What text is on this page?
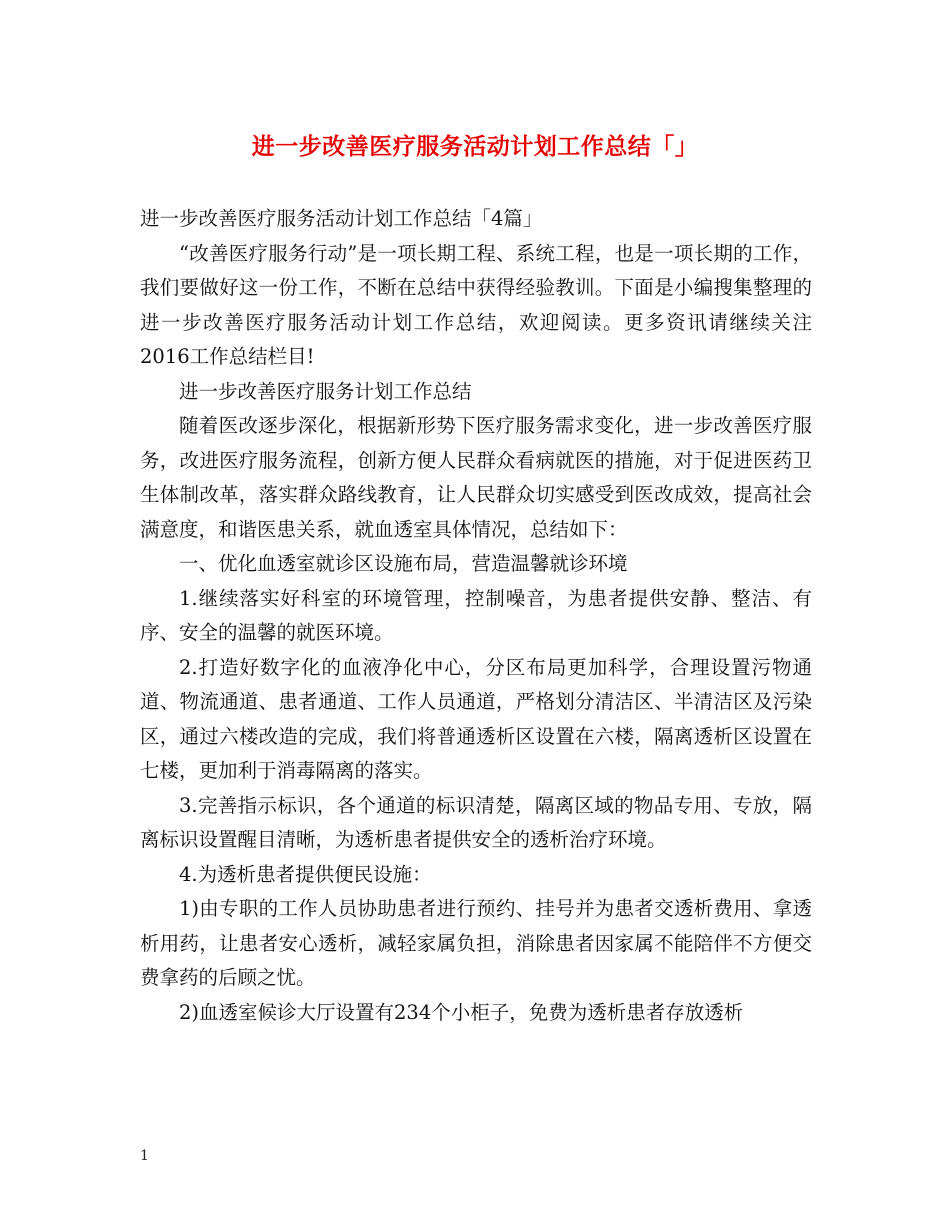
进一步改善医疗服务活动计划工作总结「」

进一步改善医疗服务活动计划工作总结「4篇」

“改善医疗服务行动”是一项长期工程、系统工程，也是一项长期的工作，我们要做好这一份工作，不断在总结中获得经验教训。下面是小编搜集整理的进一步改善医疗服务活动计划工作总结，欢迎阅读。更多资讯请继续关注2016工作总结栏目!

进一步改善医疗服务计划工作总结

随着医改逐步深化，根据新形势下医疗服务需求变化，进一步改善医疗服务，改进医疗服务流程，创新方便人民群众看病就医的措施，对于促进医药卫生体制改革，落实群众路线教育，让人民群众切实感受到医改成效，提高社会满意度，和谐医患关系，就血透室具体情况，总结如下：

一、优化血透室就诊区设施布局，营造温馨就诊环境

1.继续落实好科室的环境管理，控制噪音，为患者提供安静、整洁、有序、安全的温馨的就医环境。

2.打造好数字化的血液净化中心，分区布局更加科学，合理设置污物通道、物流通道、患者通道、工作人员通道，严格划分清洁区、半清洁区及污染区，通过六楼改造的完成，我们将普通透析区设置在六楼，隔离透析区设置在七楼，更加利于消毒隔离的落实。

3.完善指示标识，各个通道的标识清楚，隔离区域的物品专用、专放，隔离标识设置醒目清晰，为透析患者提供安全的透析治疗环境。

4.为透析患者提供便民设施：

1)由专职的工作人员协助患者进行预约、挂号并为患者交透析费用、拿透析用药，让患者安心透析，减轻家属负担，消除患者因家属不能陪伴不方便交费拿药的后顾之忧。

2)血透室候诊大厅设置有234个小柜子，免费为透析患者存放透析

1
